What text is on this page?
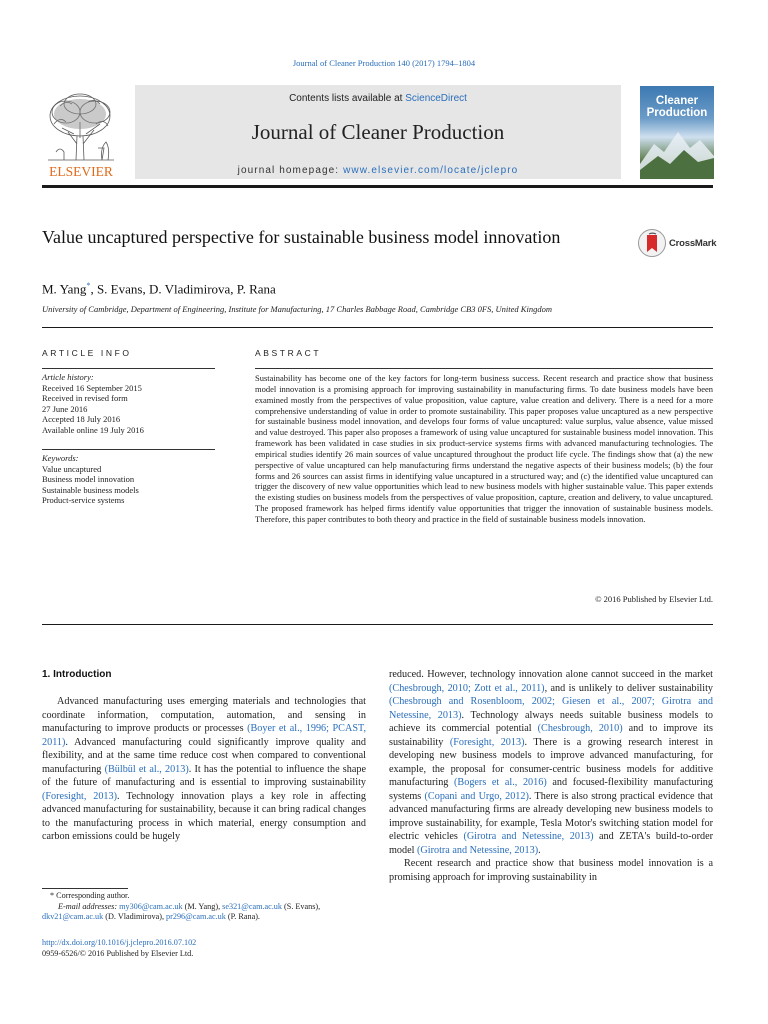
Journal of Cleaner Production 140 (2017) 1794–1804
Contents lists available at ScienceDirect
Journal of Cleaner Production
journal homepage: www.elsevier.com/locate/jclepro
ELSEVIER
Cleaner Production
Value uncaptured perspective for sustainable business model innovation	CrossMark
M. Yang*, S. Evans, D. Vladimirova, P. Rana
University of Cambridge, Department of Engineering, Institute for Manufacturing, 17 Charles Babbage Road, Cambridge CB3 0FS, United Kingdom
ARTICLE INFO
Article history:
Received 16 September 2015
Received in revised form
27 June 2016
Accepted 18 July 2016
Available online 19 July 2016
Keywords:
Value uncaptured
Business model innovation
Sustainable business models
Product-service systems
ABSTRACT
Sustainability has become one of the key factors for long-term business success. Recent research and practice show that business model innovation is a promising approach for improving sustainability in manufacturing firms. To date business models have been examined mostly from the perspectives of value proposition, value capture, value creation and delivery. There is a need for a more comprehensive understanding of value in order to promote sustainability. This paper proposes value uncaptured as a new perspective for sustainable business model innovation, and develops four forms of value uncaptured: value surplus, value absence, value missed and value destroyed. This paper also proposes a framework of using value uncaptured for sustainable business model innovation. This framework has been validated in case studies in six product-service systems firms with advanced manufacturing technologies. The empirical studies identify 26 main sources of value uncaptured throughout the product life cycle. The findings show that (a) the new perspective of value uncaptured can help manufacturing firms understand the negative aspects of their business models; (b) the four forms and 26 sources can assist firms in identifying value uncaptured in a structured way; and (c) the identified value uncaptured can trigger the discovery of new value opportunities which lead to new business models with higher sustainable value. This paper extends the existing studies on business models from the perspectives of value proposition, capture, creation and delivery, to value uncaptured. The proposed framework has helped firms identify value opportunities that trigger the innovation of sustainable business models. Therefore, this paper contributes to both theory and practice in the field of sustainable business models innovation.
© 2016 Published by Elsevier Ltd.
1. Introduction
Advanced manufacturing uses emerging materials and technologies that coordinate information, computation, automation, and sensing in manufacturing to improve products or processes (Boyer et al., 1996; PCAST, 2011). Advanced manufacturing could significantly improve quality and flexibility, and at the same time reduce cost when compared to conventional manufacturing (Bülbül et al., 2013). It has the potential to influence the shape of the future of manufacturing and is essential to improving sustainability (Foresight, 2013). Technology innovation plays a key role in affecting advanced manufacturing for sustainability, because it can bring radical changes to the manufacturing process in which material, energy consumption and carbon emissions could be hugely

reduced. However, technology innovation alone cannot succeed in the market (Chesbrough, 2010; Zott et al., 2011), and is unlikely to deliver sustainability (Chesbrough and Rosenbloom, 2002; Giesen et al., 2007; Girotra and Netessine, 2013). Technology always needs suitable business models to achieve its commercial potential (Chesbrough, 2010) and to improve its sustainability (Foresight, 2013). There is a growing research interest in developing new business models to improve advanced manufacturing, for example, the proposal for consumer-centric business models for additive manufacturing (Bogers et al., 2016) and focused-flexibility manufacturing systems (Copani and Urgo, 2012). There is also strong practical evidence that advanced manufacturing firms are already developing new business models to improve sustainability, for example, Tesla Motor's switching station model for electric vehicles (Girotra and Netessine, 2013) and ZETA's build-to-order model (Girotra and Netessine, 2013).

Recent research and practice show that business model innovation is a promising approach for improving sustainability in

* Corresponding author.
E-mail addresses: my306@cam.ac.uk (M. Yang), se321@cam.ac.uk (S. Evans),
dkv21@cam.ac.uk (D. Vladimirova), pr296@cam.ac.uk (P. Rana).
http://dx.doi.org/10.1016/j.jclepro.2016.07.102
0959-6526/© 2016 Published by Elsevier Ltd.
